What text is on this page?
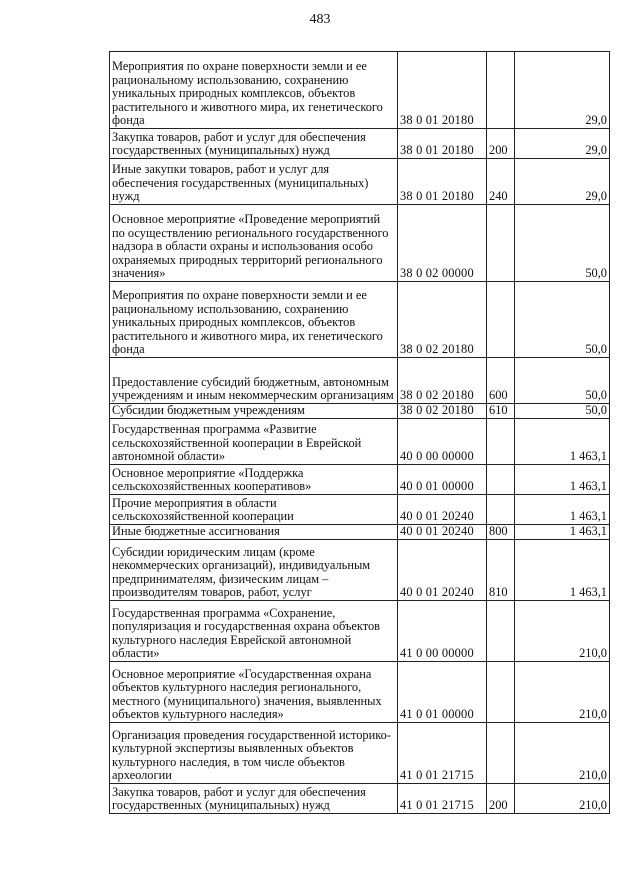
483
Мероприятия по охране поверхности земли и ее рациональному использованию, сохранению уникальных природных комплексов, объектов растительного и животного мира, их генетического фонда	38 0 01 20180		29,0
Закупка товаров, работ и услуг для обеспечения государственных (муниципальных) нужд	38 0 01 20180	200	29,0
Иные закупки товаров, работ и услуг для обеспечения государственных (муниципальных) нужд	38 0 01 20180	240	29,0
Основное мероприятие «Проведение мероприятий по осуществлению регионального государственного надзора в области охраны и использования особо охраняемых природных территорий регионального значения»	38 0 02 00000		50,0
Мероприятия по охране поверхности земли и ее рациональному использованию, сохранению уникальных природных комплексов, объектов растительного и животного мира, их генетического фонда	38 0 02 20180		50,0
Предоставление субсидий бюджетным, автономным учреждениям и иным некоммерческим организациям	38 0 02 20180	600	50,0
Субсидии бюджетным учреждениям	38 0 02 20180	610	50,0
Государственная программа «Развитие сельскохозяйственной кооперации в Еврейской автономной области»	40 0 00 00000		1 463,1
Основное мероприятие «Поддержка сельскохозяйственных кооперативов»	40 0 01 00000		1 463,1
Прочие мероприятия в области сельскохозяйственной кооперации	40 0 01 20240		1 463,1
Иные бюджетные ассигнования	40 0 01 20240	800	1 463,1
Субсидии юридическим лицам (кроме некоммерческих организаций), индивидуальным предпринимателям, физическим лицам – производителям товаров, работ, услуг	40 0 01 20240	810	1 463,1
Государственная программа «Сохранение, популяризация и государственная охрана объектов культурного наследия Еврейской автономной области»	41 0 00 00000		210,0
Основное мероприятие «Государственная охрана объектов культурного наследия регионального, местного (муниципального) значения, выявленных объектов культурного наследия»	41 0 01 00000		210,0
Организация проведения государственной историко-культурной экспертизы выявленных объектов культурного наследия, в том числе объектов археологии	41 0 01 21715		210,0
Закупка товаров, работ и услуг для обеспечения государственных (муниципальных) нужд	41 0 01 21715	200	210,0
